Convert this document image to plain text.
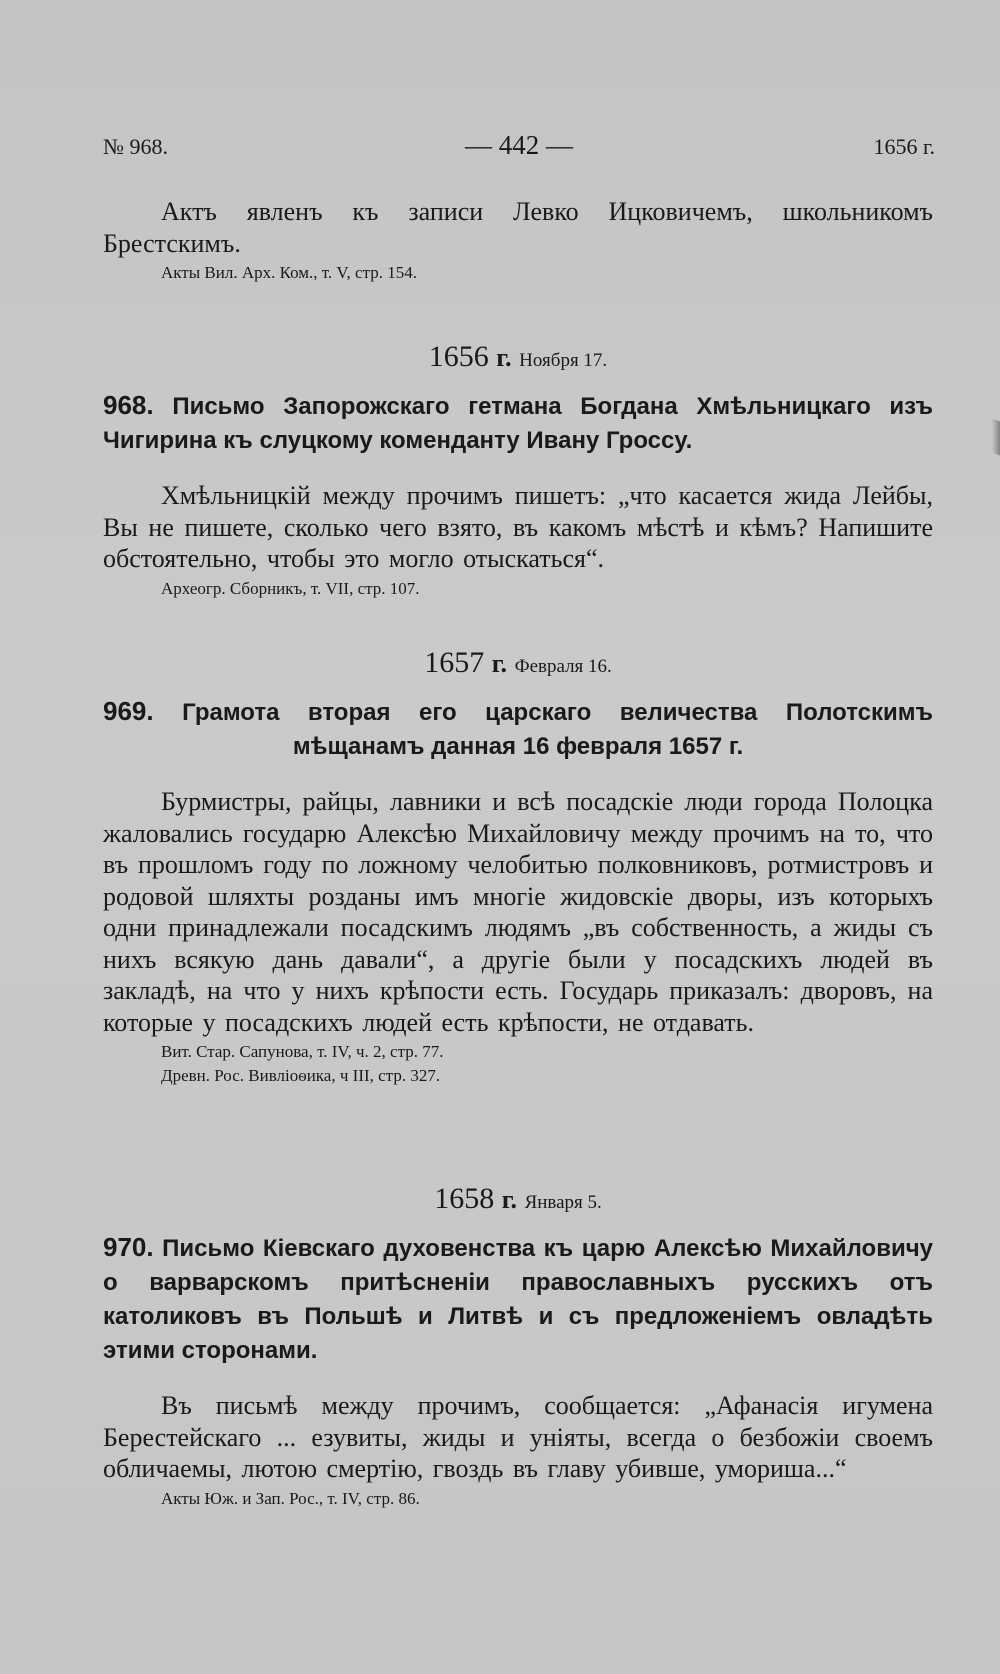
№ 968.	— 442 —	1656 г.

Актъ явленъ къ записи Левко Ицковичемъ, школьникомъ Брестскимъ.

Акты Вил. Арх. Ком., т. V, стр. 154.

1656 г. Ноября 17.

968. Письмо Запорожскаго гетмана Богдана Хмѣльницкаго изъ Чигирина къ слуцкому коменданту Ивану Гроссу.

Хмѣльницкій между прочимъ пишетъ: „что касается жида Лейбы, Вы не пишете, сколько чего взято, въ какомъ мѣстѣ и кѣмъ? Напишите обстоятельно, чтобы это могло отыскаться“.

Археогр. Сборникъ, т. VII, стр. 107.

1657 г. Февраля 16.

969. Грамота вторая его царскаго величества Полотскимъ мѣщанамъ данная 16 февраля 1657 г.

Бурмистры, райцы, лавники и всѣ посадскіе люди города Полоцка жаловались государю Алексѣю Михайловичу между прочимъ на то, что въ прошломъ году по ложному челобитью полковниковъ, ротмистровъ и родовой шляхты розданы имъ многіе жидовскіе дворы, изъ которыхъ одни принадлежали посадскимъ людямъ „въ собственность, а жиды съ нихъ всякую дань давали“, а другіе были у посадскихъ людей въ закладѣ, на что у нихъ крѣпости есть. Государь приказалъ: дворовъ, на которые у посадскихъ людей есть крѣпости, не отдавать.

Вит. Стар. Сапунова, т. IV, ч. 2, стр. 77.

Древн. Рос. Вивліоѳика, ч III, стр. 327.

1658 г. Января 5.

970. Письмо Кіевскаго духовенства къ царю Алексѣю Михайловичу о варварскомъ притѣсненіи православныхъ русскихъ отъ католиковъ въ Польшѣ и Литвѣ и съ предложеніемъ овладѣть этими сторонами.

Въ письмѣ между прочимъ, сообщается: „Афанасія игумена Берестейскаго ... езувиты, жиды и уніяты, всегда о безбожіи своемъ обличаемы, лютою смертію, гвоздь въ главу убивше, умориша...“

Акты Юж. и Зап. Рос., т. IV, стр. 86.
